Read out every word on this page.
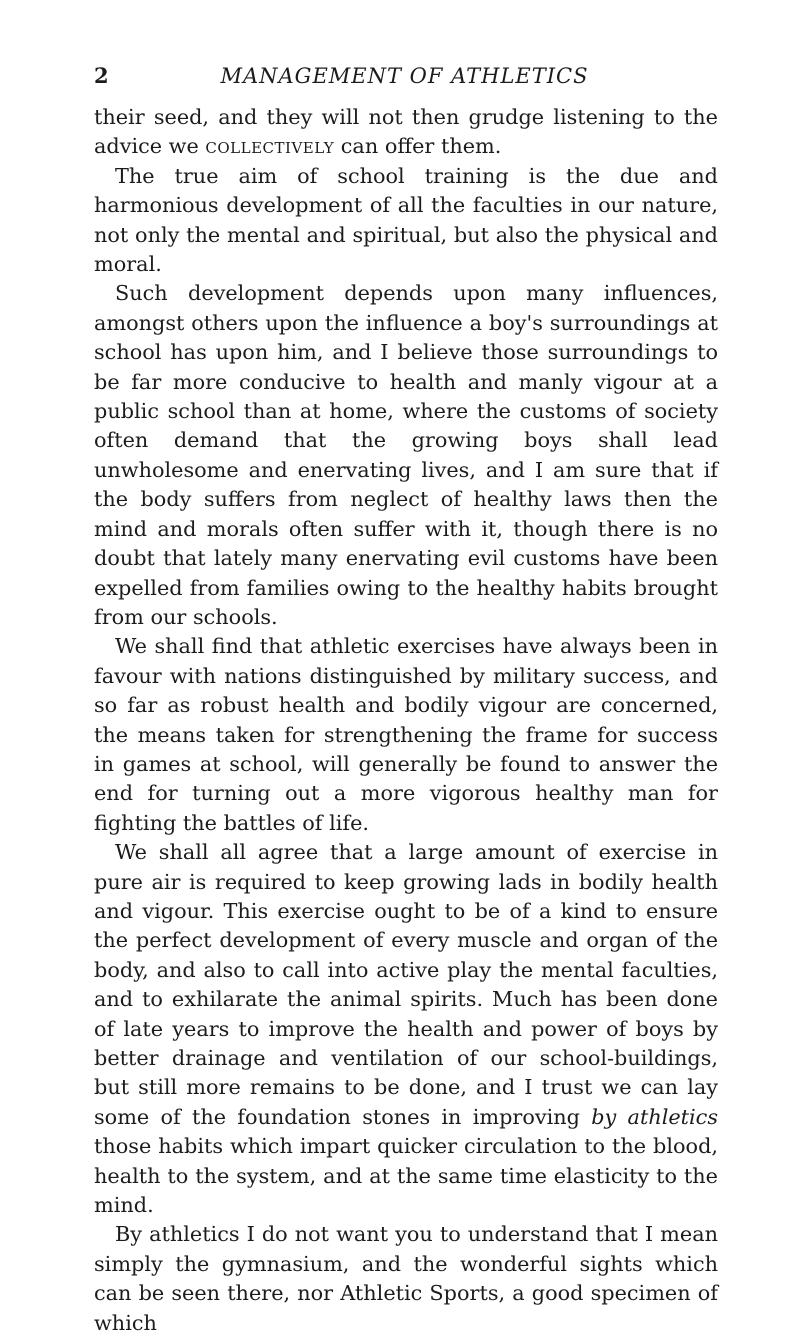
2	MANAGEMENT OF ATHLETICS

their seed, and they will not then grudge listening to the advice we collectively can offer them.

The true aim of school training is the due and harmonious development of all the faculties in our nature, not only the mental and spiritual, but also the physical and moral.

Such development depends upon many influences, amongst others upon the influence a boy's surroundings at school has upon him, and I believe those surroundings to be far more conducive to health and manly vigour at a public school than at home, where the customs of society often demand that the growing boys shall lead unwholesome and enervating lives, and I am sure that if the body suffers from neglect of healthy laws then the mind and morals often suffer with it, though there is no doubt that lately many enervating evil customs have been expelled from families owing to the healthy habits brought from our schools.

We shall find that athletic exercises have always been in favour with nations distinguished by military success, and so far as robust health and bodily vigour are concerned, the means taken for strengthening the frame for success in games at school, will generally be found to answer the end for turning out a more vigorous healthy man for fighting the battles of life.

We shall all agree that a large amount of exercise in pure air is required to keep growing lads in bodily health and vigour. This exercise ought to be of a kind to ensure the perfect development of every muscle and organ of the body, and also to call into active play the mental faculties, and to exhilarate the animal spirits. Much has been done of late years to improve the health and power of boys by better drainage and ventilation of our school-buildings, but still more remains to be done, and I trust we can lay some of the foundation stones in improving by athletics those habits which impart quicker circulation to the blood, health to the system, and at the same time elasticity to the mind.

By athletics I do not want you to understand that I mean simply the gymnasium, and the wonderful sights which can be seen there, nor Athletic Sports, a good specimen of which
